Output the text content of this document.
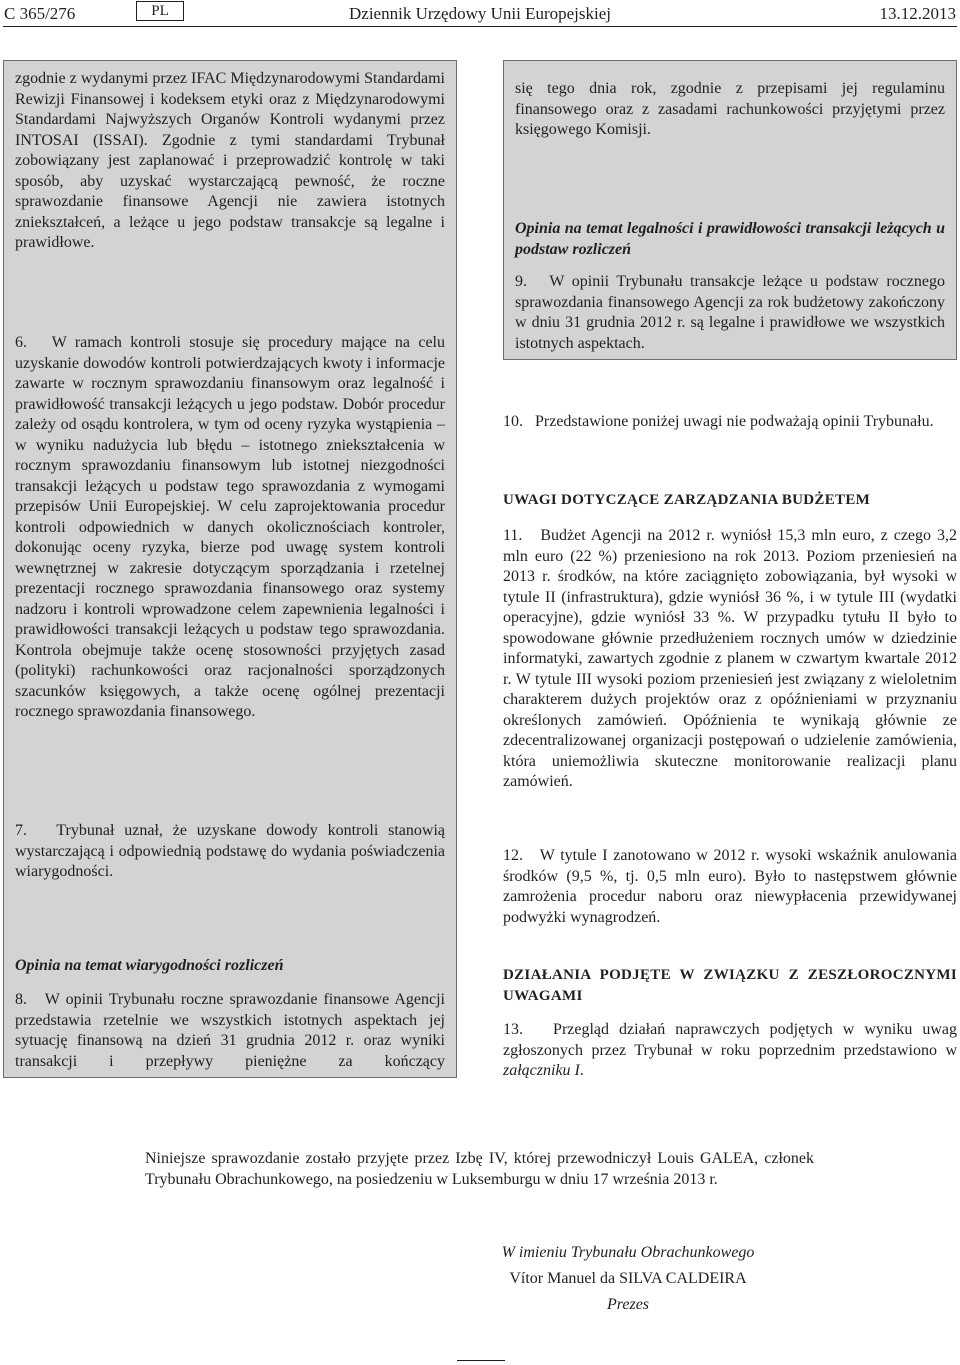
C 365/276	PL	Dziennik Urzędowy Unii Europejskiej	13.12.2013

zgodnie z wydanymi przez IFAC Międzynarodowymi Standardami Rewizji Finansowej i kodeksem etyki oraz z Międzynarodowymi Standardami Najwyższych Organów Kontroli wydanymi przez INTOSAI (ISSAI). Zgodnie z tymi standardami Trybunał zobowiązany jest zaplanować i przeprowadzić kontrolę w taki sposób, aby uzyskać wystarczającą pewność, że roczne sprawozdanie finansowe Agencji nie zawiera istotnych zniekształceń, a leżące u jego podstaw transakcje są legalne i prawidłowe.

6. W ramach kontroli stosuje się procedury mające na celu uzyskanie dowodów kontroli potwierdzających kwoty i informacje zawarte w rocznym sprawozdaniu finansowym oraz legalność i prawidłowość transakcji leżących u jego podstaw. Dobór procedur zależy od osądu kontrolera, w tym od oceny ryzyka wystąpienia – w wyniku nadużycia lub błędu – istotnego zniekształcenia w rocznym sprawozdaniu finansowym lub istotnej niezgodności transakcji leżących u podstaw tego sprawozdania z wymogami przepisów Unii Europejskiej. W celu zaprojektowania procedur kontroli odpowiednich w danych okolicznościach kontroler, dokonując oceny ryzyka, bierze pod uwagę system kontroli wewnętrznej w zakresie dotyczącym sporządzania i rzetelnej prezentacji rocznego sprawozdania finansowego oraz systemy nadzoru i kontroli wprowadzone celem zapewnienia legalności i prawidłowości transakcji leżących u podstaw tego sprawozdania. Kontrola obejmuje także ocenę stosowności przyjętych zasad (polityki) rachunkowości oraz racjonalności sporządzonych szacunków księgowych, a także ocenę ogólnej prezentacji rocznego sprawozdania finansowego.

7. Trybunał uznał, że uzyskane dowody kontroli stanowią wystarczającą i odpowiednią podstawę do wydania poświadczenia wiarygodności.

Opinia na temat wiarygodności rozliczeń

8. W opinii Trybunału roczne sprawozdanie finansowe Agencji przedstawia rzetelnie we wszystkich istotnych aspektach jej sytuację finansową na dzień 31 grudnia 2012 r. oraz wyniki transakcji i przepływy pieniężne za kończący

się tego dnia rok, zgodnie z przepisami jej regulaminu finansowego oraz z zasadami rachunkowości przyjętymi przez księgowego Komisji.

Opinia na temat legalności i prawidłowości transakcji leżących u podstaw rozliczeń

9. W opinii Trybunału transakcje leżące u podstaw rocznego sprawozdania finansowego Agencji za rok budżetowy zakończony w dniu 31 grudnia 2012 r. są legalne i prawidłowe we wszystkich istotnych aspektach.

10. Przedstawione poniżej uwagi nie podważają opinii Trybunału.

UWAGI DOTYCZĄCE ZARZĄDZANIA BUDŻETEM

11. Budżet Agencji na 2012 r. wyniósł 15,3 mln euro, z czego 3,2 mln euro (22 %) przeniesiono na rok 2013. Poziom przeniesień na 2013 r. środków, na które zaciągnięto zobowiązania, był wysoki w tytule II (infrastruktura), gdzie wyniósł 36 %, i w tytule III (wydatki operacyjne), gdzie wyniósł 33 %. W przypadku tytułu II było to spowodowane głównie przedłużeniem rocznych umów w dziedzinie informatyki, zawartych zgodnie z planem w czwartym kwartale 2012 r. W tytule III wysoki poziom przeniesień jest związany z wieloletnim charakterem dużych projektów oraz z opóźnieniami w przyznaniu określonych zamówień. Opóźnienia te wynikają głównie ze zdecentralizowanej organizacji postępowań o udzielenie zamówienia, która uniemożliwia skuteczne monitorowanie realizacji planu zamówień.

12. W tytule I zanotowano w 2012 r. wysoki wskaźnik anulowania środków (9,5 %, tj. 0,5 mln euro). Było to następstwem głównie zamrożenia procedur naboru oraz niewypłacenia przewidywanej podwyżki wynagrodzeń.

DZIAŁANIA PODJĘTE W ZWIĄZKU Z ZESZŁOROCZNYMI UWAGAMI

13. Przegląd działań naprawczych podjętych w wyniku uwag zgłoszonych przez Trybunał w roku poprzednim przedstawiono w załączniku I.

Niniejsze sprawozdanie zostało przyjęte przez Izbę IV, której przewodniczył Louis GALEA, członek Trybunału Obrachunkowego, na posiedzeniu w Luksemburgu w dniu 17 września 2013 r.

W imieniu Trybunału Obrachunkowego

Vítor Manuel da SILVA CALDEIRA

Prezes
